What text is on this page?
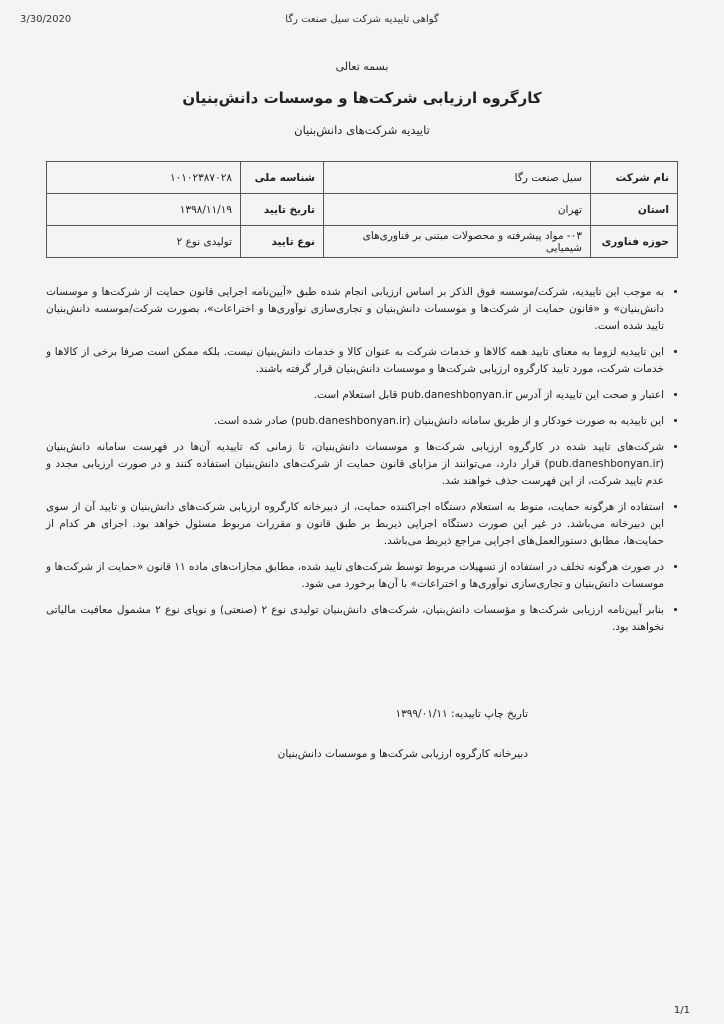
3/30/2020	گواهی تاییدیه شرکت سیل صنعت رگا
بسمه تعالی
کارگروه ارزیابی شرکت‌ها و موسسات دانش‌بنیان
تاییدیه شرکت‌های دانش‌بنیان
نام شرکت	سیل صنعت رگا	شناسه ملی	۱۰۱۰۲۳۸۷۰۲۸
استان	تهران	تاریخ تایید	۱۳۹۸/۱۱/۱۹
حوزه فناوری	۰۳- مواد پیشرفته و محصولات مبتنی بر فناوری‌های شیمیایی	نوع تایید	تولیدی نوع ۲
• به موجب این تاییدیه، شرکت/موسسه فوق الذکر بر اساس ارزیابی انجام شده طبق «آیین‌نامه اجرایی قانون حمایت از شرکت‌ها و موسسات دانش‌بنیان» و «قانون حمایت از شرکت‌ها و موسسات دانش‌بنیان و تجاری‌سازی نوآوری‌ها و اختراعات»، بصورت شرکت/موسسه دانش‌بنیان تایید شده است.
• این تاییدیه لزوما به معنای تایید همه کالاها و خدمات شرکت به عنوان کالا و خدمات دانش‌بنیان نیست. بلکه ممکن است صرفا برخی از کالاها و خدمات شرکت، مورد تایید کارگروه ارزیابی شرکت‌ها و موسسات دانش‌بنیان قرار گرفته باشند.
• اعتبار و صحت این تاییدیه از آدرس pub.daneshbonyan.ir قابل استعلام است.
• این تاییدیه به صورت خودکار و از طریق سامانه دانش‌بنیان (pub.daneshbonyan.ir) صادر شده است.
• شرکت‌های تایید شده در کارگروه ارزیابی شرکت‌ها و موسسات دانش‌بنیان، تا زمانی که تاییدیه آن‌ها در فهرست سامانه دانش‌بنیان (pub.daneshbonyan.ir) قرار دارد، می‌توانند از مزایای قانون حمایت از شرکت‌های دانش‌بنیان استفاده کنند و در صورت ارزیابی مجدد و عدم تایید شرکت، از این فهرست حذف خواهند شد.
• استفاده از هرگونه حمایت، منوط به استعلام دستگاه اجراکننده حمایت، از دبیرخانه کارگروه ارزیابی شرکت‌های دانش‌بنیان و تایید آن از سوی این دبیرخانه می‌باشد. در غیر این صورت دستگاه اجرایی ذیربط بر طبق قانون و مقررات مربوط مسئول خواهد بود. اجرای هر کدام از حمایت‌ها، مطابق دستورالعمل‌های اجرایی مراجع ذیربط می‌باشد.
• در صورت هرگونه تخلف در استفاده از تسهیلات مربوط توسط شرکت‌های تایید شده، مطابق مجازات‌های ماده ۱۱ قانون «حمایت از شرکت‌ها و موسسات دانش‌بنیان و تجاری‌سازی نوآوری‌ها و اختراعات» با آن‌ها برخورد می شود.
• بنابر آیین‌نامه ارزیابی شرکت‌ها و مؤسسات دانش‌بنیان، شرکت‌های دانش‌بنیان تولیدی نوع ۲ (صنعتی) و نوپای نوع ۲ مشمول معافیت مالیاتی نخواهند بود.
تاریخ چاپ تاییدیه: ۱۳۹۹/۰۱/۱۱
دبیرخانه کارگروه ارزیابی شرکت‌ها و موسسات دانش‌بنیان
1/1
